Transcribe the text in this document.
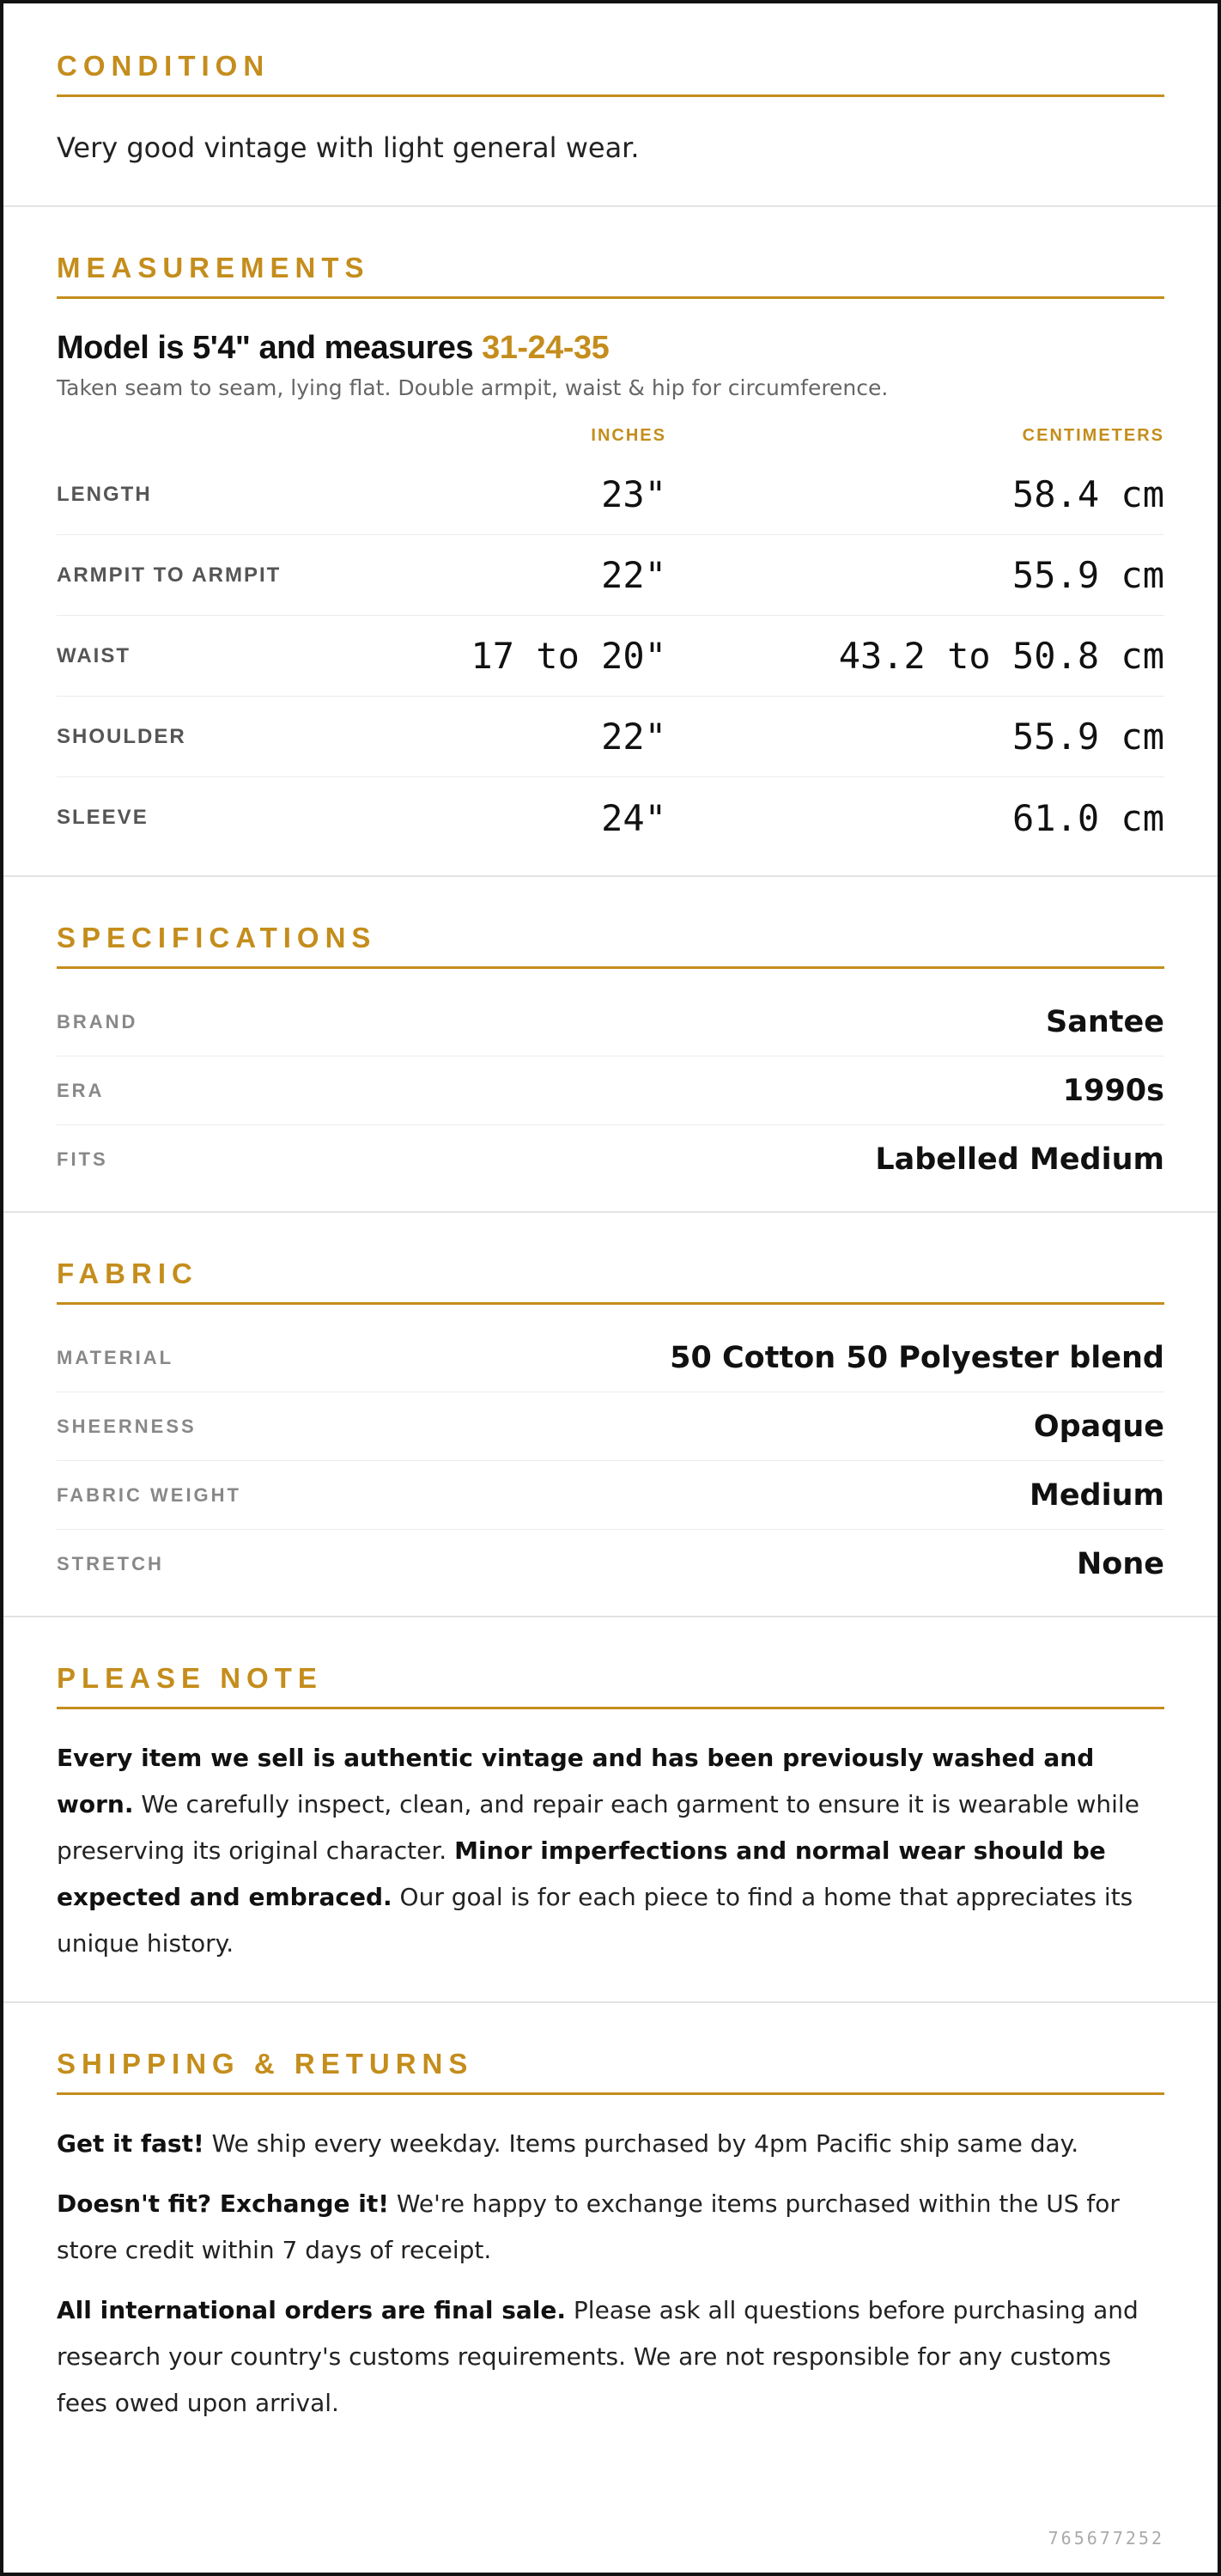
CONDITION

Very good vintage with light general wear.

MEASUREMENTS
Model is 5'4" and measures 31-24-35

Taken seam to seam, lying flat. Double armpit, waist & hip for circumference.

INCHES	CENTIMETERS
LENGTH	23"	58.4 cm
ARMPIT TO ARMPIT	22"	55.9 cm
WAIST	17 to 20"	43.2 to 50.8 cm
SHOULDER	22"	55.9 cm
SLEEVE	24"	61.0 cm
SPECIFICATIONS
BRAND	Santee
ERA	1990s
FITS	Labelled Medium
FABRIC
MATERIAL	50 Cotton 50 Polyester blend
SHEERNESS	Opaque
FABRIC WEIGHT	Medium
STRETCH	None
PLEASE NOTE

Every item we sell is authentic vintage and has been previously washed and worn. We carefully inspect, clean, and repair each garment to ensure it is wearable while preserving its original character. Minor imperfections and normal wear should be expected and embraced. Our goal is for each piece to find a home that appreciates its unique history.

SHIPPING & RETURNS

Get it fast! We ship every weekday. Items purchased by 4pm Pacific ship same day.

Doesn't fit? Exchange it! We're happy to exchange items purchased within the US for store credit within 7 days of receipt.

All international orders are final sale. Please ask all questions before purchasing and research your country's customs requirements. We are not responsible for any customs fees owed upon arrival.

765677252
